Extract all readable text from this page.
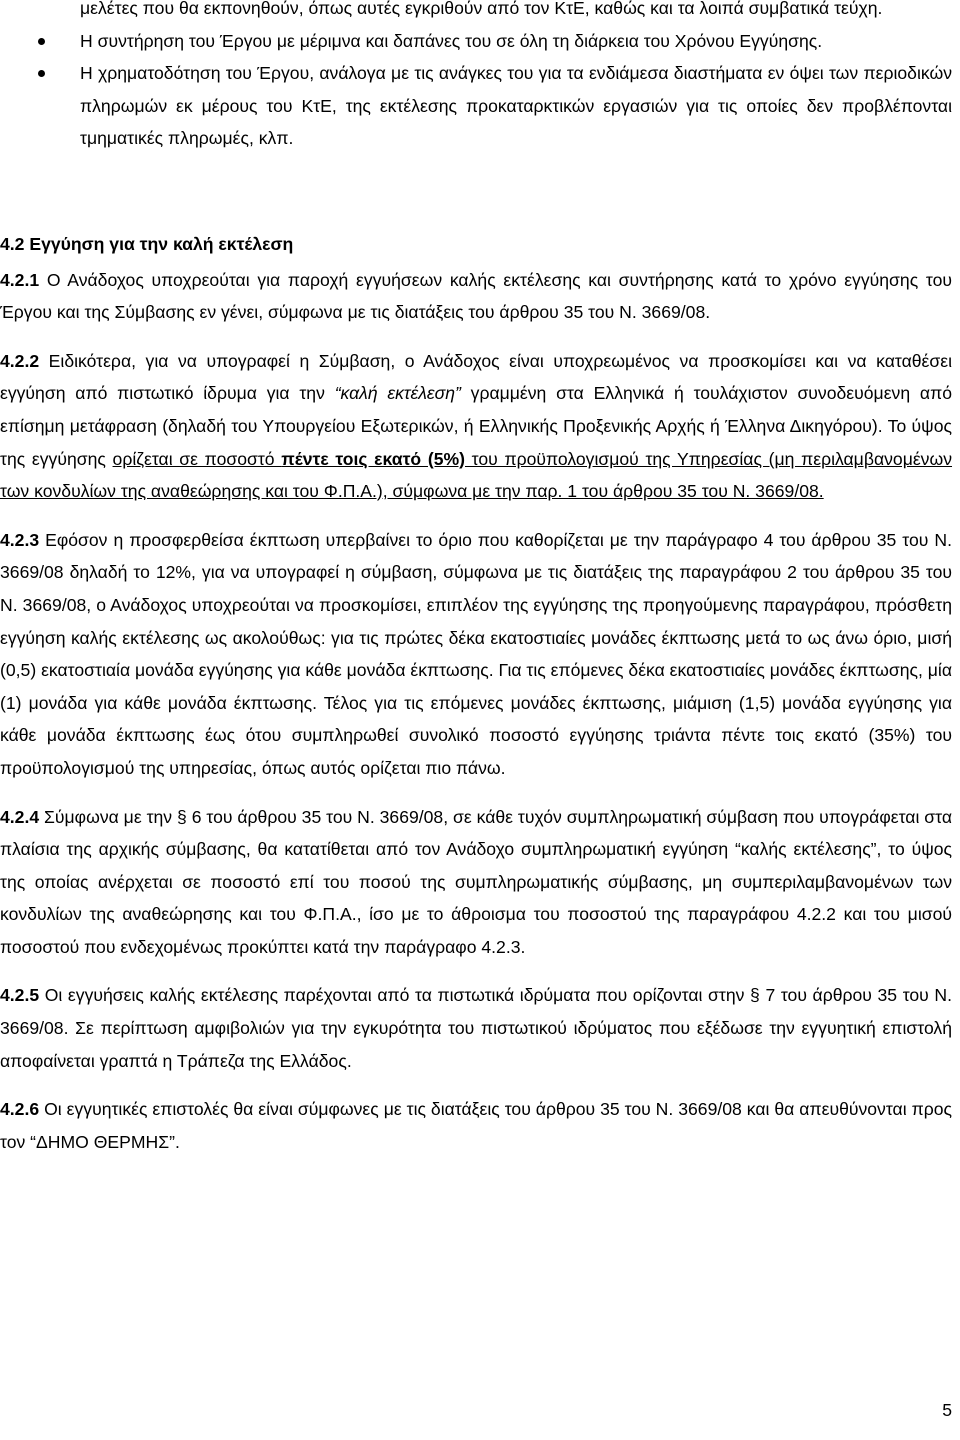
μελέτες που θα εκπονηθούν, όπως αυτές εγκριθούν από τον ΚτΕ, καθώς και τα λοιπά συμβατικά τεύχη.
Η συντήρηση του Έργου με μέριμνα και δαπάνες του σε όλη τη διάρκεια του Χρόνου Εγγύησης.
Η χρηματοδότηση του Έργου, ανάλογα με τις ανάγκες του για τα ενδιάμεσα διαστήματα εν όψει των περιοδικών πληρωμών εκ μέρους του ΚτΕ, της εκτέλεσης προκαταρκτικών εργασιών για τις οποίες δεν προβλέπονται τμηματικές πληρωμές, κλπ.
4.2 Εγγύηση για την καλή εκτέλεση
4.2.1 Ο Ανάδοχος υποχρεούται για παροχή εγγυήσεων καλής εκτέλεσης και συντήρησης κατά το χρόνο εγγύησης του Έργου και της Σύμβασης εν γένει, σύμφωνα με τις διατάξεις του άρθρου 35 του Ν. 3669/08.
4.2.2 Ειδικότερα, για να υπογραφεί η Σύμβαση, ο Ανάδοχος είναι υποχρεωμένος να προσκομίσει και να καταθέσει εγγύηση από πιστωτικό ίδρυμα για την “καλή εκτέλεση” γραμμένη στα Ελληνικά ή τουλάχιστον συνοδευόμενη από επίσημη μετάφραση (δηλαδή του Υπουργείου Εξωτερικών, ή Ελληνικής Προξενικής Αρχής ή Έλληνα Δικηγόρου). Το ύψος της εγγύησης ορίζεται σε ποσοστό πέντε τοις εκατό (5%) του προϋπολογισμού της Υπηρεσίας (μη περιλαμβανομένων των κονδυλίων της αναθεώρησης και του Φ.Π.Α.), σύμφωνα με την παρ. 1 του άρθρου 35 του Ν. 3669/08.
4.2.3 Εφόσον η προσφερθείσα έκπτωση υπερβαίνει το όριο που καθορίζεται με την παράγραφο 4 του άρθρου 35 του Ν. 3669/08 δηλαδή το 12%, για να υπογραφεί η σύμβαση, σύμφωνα με τις διατάξεις της παραγράφου 2 του άρθρου 35 του Ν. 3669/08, ο Ανάδοχος υποχρεούται να προσκομίσει, επιπλέον της εγγύησης της προηγούμενης παραγράφου, πρόσθετη εγγύηση καλής εκτέλεσης ως ακολούθως: για τις πρώτες δέκα εκατοστιαίες μονάδες έκπτωσης μετά το ως άνω όριο, μισή (0,5) εκατοστιαία μονάδα εγγύησης για κάθε μονάδα έκπτωσης. Για τις επόμενες δέκα εκατοστιαίες μονάδες έκπτωσης, μία (1) μονάδα για κάθε μονάδα έκπτωσης. Τέλος για τις επόμενες μονάδες έκπτωσης, μιάμιση (1,5) μονάδα εγγύησης για κάθε μονάδα έκπτωσης έως ότου συμπληρωθεί συνολικό ποσοστό εγγύησης τριάντα πέντε τοις εκατό (35%) του προϋπολογισμού της υπηρεσίας, όπως αυτός ορίζεται πιο πάνω.
4.2.4 Σύμφωνα με την § 6 του άρθρου 35 του Ν. 3669/08, σε κάθε τυχόν συμπληρωματική σύμβαση που υπογράφεται στα πλαίσια της αρχικής σύμβασης, θα κατατίθεται από τον Ανάδοχο συμπληρωματική εγγύηση “καλής εκτέλεσης”, το ύψος της οποίας ανέρχεται σε ποσοστό επί του ποσού της συμπληρωματικής σύμβασης, μη συμπεριλαμβανομένων των κονδυλίων της αναθεώρησης και του Φ.Π.Α., ίσο με το άθροισμα του ποσοστού της παραγράφου 4.2.2 και του μισού ποσοστού που ενδεχομένως προκύπτει κατά την παράγραφο 4.2.3.
4.2.5 Οι εγγυήσεις καλής εκτέλεσης παρέχονται από τα πιστωτικά ιδρύματα που ορίζονται στην § 7 του άρθρου 35 του Ν. 3669/08. Σε περίπτωση αμφιβολιών για την εγκυρότητα του πιστωτικού ιδρύματος που εξέδωσε την εγγυητική επιστολή αποφαίνεται γραπτά η Τράπεζα της Ελλάδος.
4.2.6 Οι εγγυητικές επιστολές θα είναι σύμφωνες με τις διατάξεις του άρθρου 35 του Ν. 3669/08 και θα απευθύνονται προς τον “ΔΗΜΟ ΘΕΡΜΗΣ”.
5
